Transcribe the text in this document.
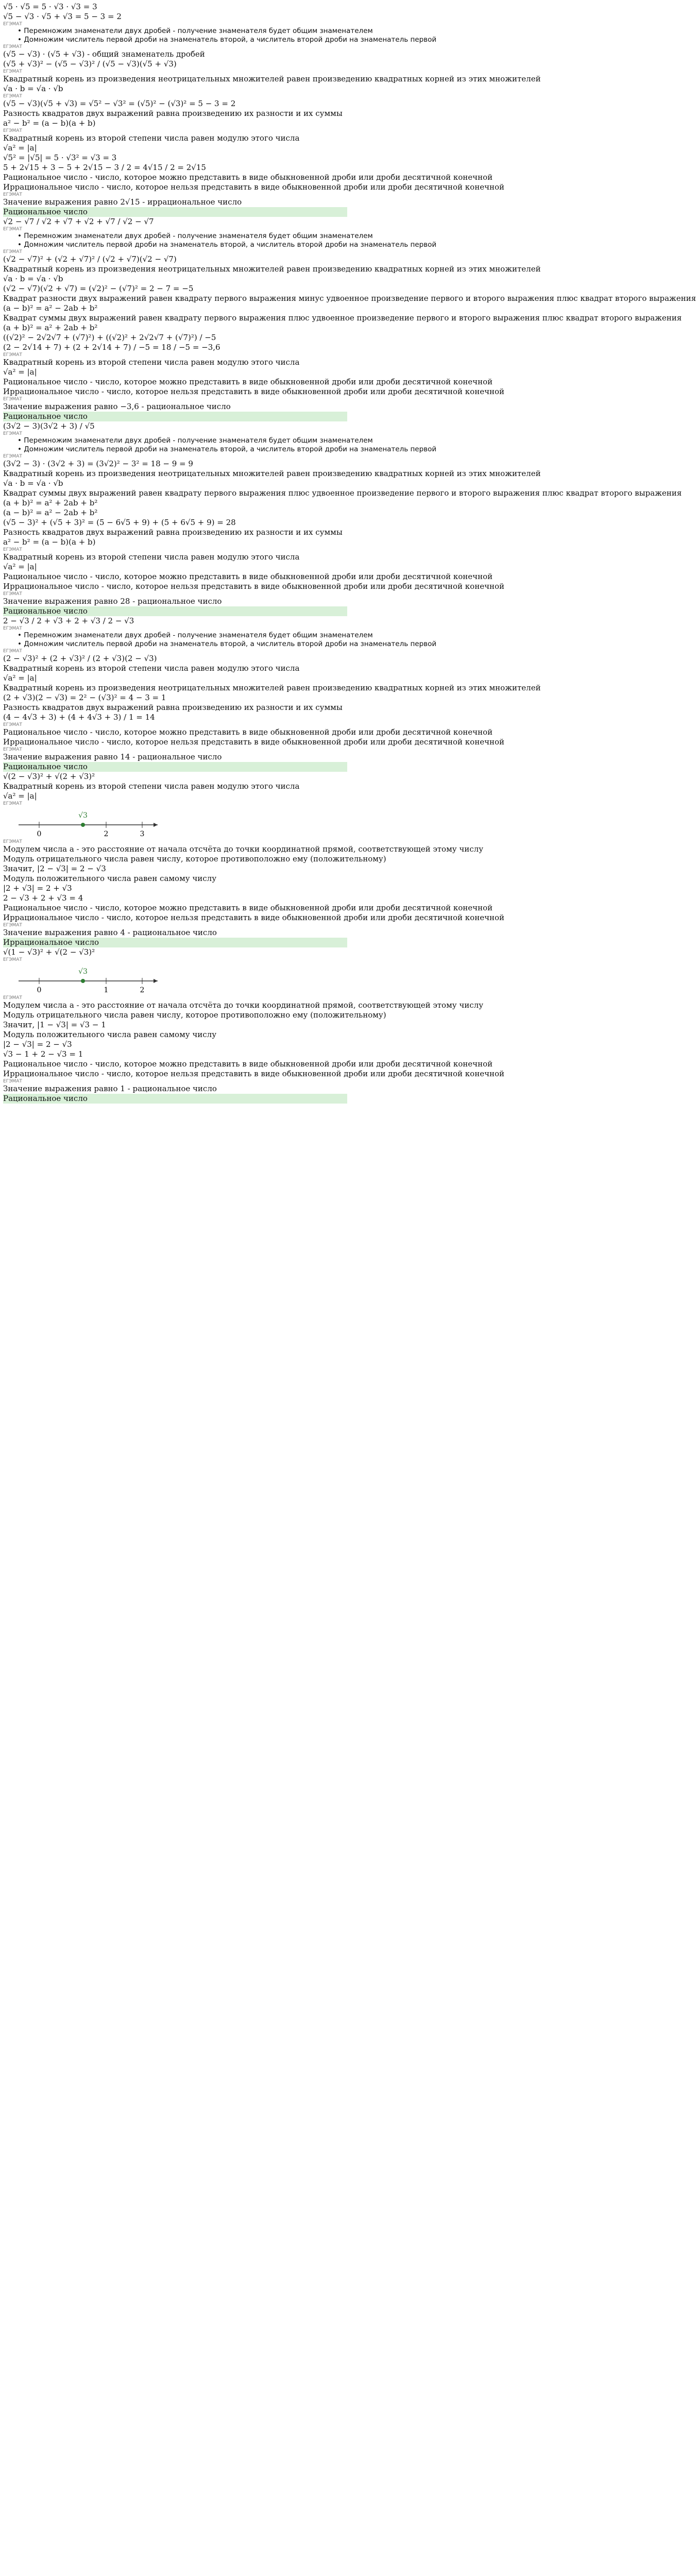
√5 · √5 = 5 · √3 · √3 = 3
√5 − √3 · √5 + √3 = 5 − 3 = 2
ЕГЭМАТ
• Перемножим знаменатели двух дробей - получение знаменателя будет общим знаменателем
• Домножим числитель первой дроби на знаменатель второй, а числитель второй дроби на знаменатель первой
ЕГЭМАТ
(√5 − √3) · (√5 + √3) - общий знаменатель дробей
(√5 + √3)² − (√5 − √3)² / (√5 − √3)(√5 + √3)
ЕГЭМАТ
Квадратный корень из произведения неотрицательных множителей равен произведению квадратных корней из этих множителей
√a · b = √a · √b
ЕГЭМАТ
(√5 − √3)(√5 + √3) = √5² − √3² = (√5)² − (√3)² = 5 − 3 = 2
Разность квадратов двух выражений равна произведению их разности и их суммы
a² − b² = (a − b)(a + b)
ЕГЭМАТ
Квадратный корень из второй степени числа равен модулю этого числа
√a² = |a|
√5² = |√5| = 5 · √3² = √3 = 3
5 + 2√15 + 3 − 5 + 2√15 − 3 / 2 = 4√15 / 2 = 2√15
Рациональное число - число, которое можно представить в виде обыкновенной дроби или дроби десятичной конечной
Иррациональное число - число, которое нельзя представить в виде обыкновенной дроби или дроби десятичной конечной
ЕГЭМАТ
Значение выражения равно 2√15 - иррациональное число
Рациональное число
√2 − √7 / √2 + √7 + √2 + √7 / √2 − √7
ЕГЭМАТ
• Перемножим знаменатели двух дробей - получение знаменателя будет общим знаменателем
• Домножим числитель первой дроби на знаменатель второй, а числитель второй дроби на знаменатель первой
ЕГЭМАТ
(√2 − √7)² + (√2 + √7)² / (√2 + √7)(√2 − √7)
Квадратный корень из произведения неотрицательных множителей равен произведению квадратных корней из этих множителей
√a · b = √a · √b
(√2 − √7)(√2 + √7) = (√2)² − (√7)² = 2 − 7 = −5
Квадрат разности двух выражений равен квадрату первого выражения минус удвоенное произведение первого и второго выражения плюс квадрат второго выражения
(a − b)² = a² − 2ab + b²
Квадрат суммы двух выражений равен квадрату первого выражения плюс удвоенное произведение первого и второго выражения плюс квадрат второго выражения
(a + b)² = a² + 2ab + b²
((√2)² − 2√2√7 + (√7)²) + ((√2)² + 2√2√7 + (√7)²) / −5
(2 − 2√14 + 7) + (2 + 2√14 + 7) / −5 = 18 / −5 = −3,6
ЕГЭМАТ
Квадратный корень из второй степени числа равен модулю этого числа
√a² = |a|
Рациональное число - число, которое можно представить в виде обыкновенной дроби или дроби десятичной конечной
Иррациональное число - число, которое нельзя представить в виде обыкновенной дроби или дроби десятичной конечной
ЕГЭМАТ
Значение выражения равно −3,6 - рациональное число
Рациональное число
(3√2 − 3)(3√2 + 3) / √5
ЕГЭМАТ
• Перемножим знаменатели двух дробей - получение знаменателя будет общим знаменателем
• Домножим числитель первой дроби на знаменатель второй, а числитель второй дроби на знаменатель первой
ЕГЭМАТ
(3√2 − 3) · (3√2 + 3) = (3√2)² − 3² = 18 − 9 = 9
Квадратный корень из произведения неотрицательных множителей равен произведению квадратных корней из этих множителей
√a · b = √a · √b
Квадрат суммы двух выражений равен квадрату первого выражения плюс удвоенное произведение первого и второго выражения плюс квадрат второго выражения
(a + b)² = a² + 2ab + b²
(a − b)² = a² − 2ab + b²
(√5 − 3)² + (√5 + 3)² = (5 − 6√5 + 9) + (5 + 6√5 + 9) = 28
Разность квадратов двух выражений равна произведению их разности и их суммы
a² − b² = (a − b)(a + b)
ЕГЭМАТ
Квадратный корень из второй степени числа равен модулю этого числа
√a² = |a|
Рациональное число - число, которое можно представить в виде обыкновенной дроби или дроби десятичной конечной
Иррациональное число - число, которое нельзя представить в виде обыкновенной дроби или дроби десятичной конечной
ЕГЭМАТ
Значение выражения равно 28 - рациональное число
Рациональное число
2 − √3 / 2 + √3 + 2 + √3 / 2 − √3
ЕГЭМАТ
• Перемножим знаменатели двух дробей - получение знаменателя будет общим знаменателем
• Домножим числитель первой дроби на знаменатель второй, а числитель второй дроби на знаменатель первой
ЕГЭМАТ
(2 − √3)² + (2 + √3)² / (2 + √3)(2 − √3)
Квадратный корень из второй степени числа равен модулю этого числа
√a² = |a|
Квадратный корень из произведения неотрицательных множителей равен произведению квадратных корней из этих множителей
(2 + √3)(2 − √3) = 2² − (√3)² = 4 − 3 = 1
Разность квадратов двух выражений равна произведению их разности и их суммы
(4 − 4√3 + 3) + (4 + 4√3 + 3) / 1 = 14
ЕГЭМАТ
Рациональное число - число, которое можно представить в виде обыкновенной дроби или дроби десятичной конечной
Иррациональное число - число, которое нельзя представить в виде обыкновенной дроби или дроби десятичной конечной
ЕГЭМАТ
Значение выражения равно 14 - рациональное число
Рациональное число
√(2 − √3)² + √(2 + √3)²
Квадратный корень из второй степени числа равен модулю этого числа
√a² = |a|
ЕГЭМАТ
0	2	3
√3
ЕГЭМАТ
Модулем числа a - это расстояние от начала отсчёта до точки координатной прямой, соответствующей этому числу
Модуль отрицательного числа равен числу, которое противоположно ему (положительному)
Значит, |2 − √3| = 2 − √3
Модуль положительного числа равен самому числу
|2 + √3| = 2 + √3
2 − √3 + 2 + √3 = 4
Рациональное число - число, которое можно представить в виде обыкновенной дроби или дроби десятичной конечной
Иррациональное число - число, которое нельзя представить в виде обыкновенной дроби или дроби десятичной конечной
ЕГЭМАТ
Значение выражения равно 4 - рациональное число
Иррациональное число
√(1 − √3)² + √(2 − √3)²
ЕГЭМАТ
0	1	2
√3
ЕГЭМАТ
Модулем числа a - это расстояние от начала отсчёта до точки координатной прямой, соответствующей этому числу
Модуль отрицательного числа равен числу, которое противоположно ему (положительному)
Значит, |1 − √3| = √3 − 1
Модуль положительного числа равен самому числу
|2 − √3| = 2 − √3
√3 − 1 + 2 − √3 = 1
Рациональное число - число, которое можно представить в виде обыкновенной дроби или дроби десятичной конечной
Иррациональное число - число, которое нельзя представить в виде обыкновенной дроби или дроби десятичной конечной
ЕГЭМАТ
Значение выражения равно 1 - рациональное число
Рациональное число
